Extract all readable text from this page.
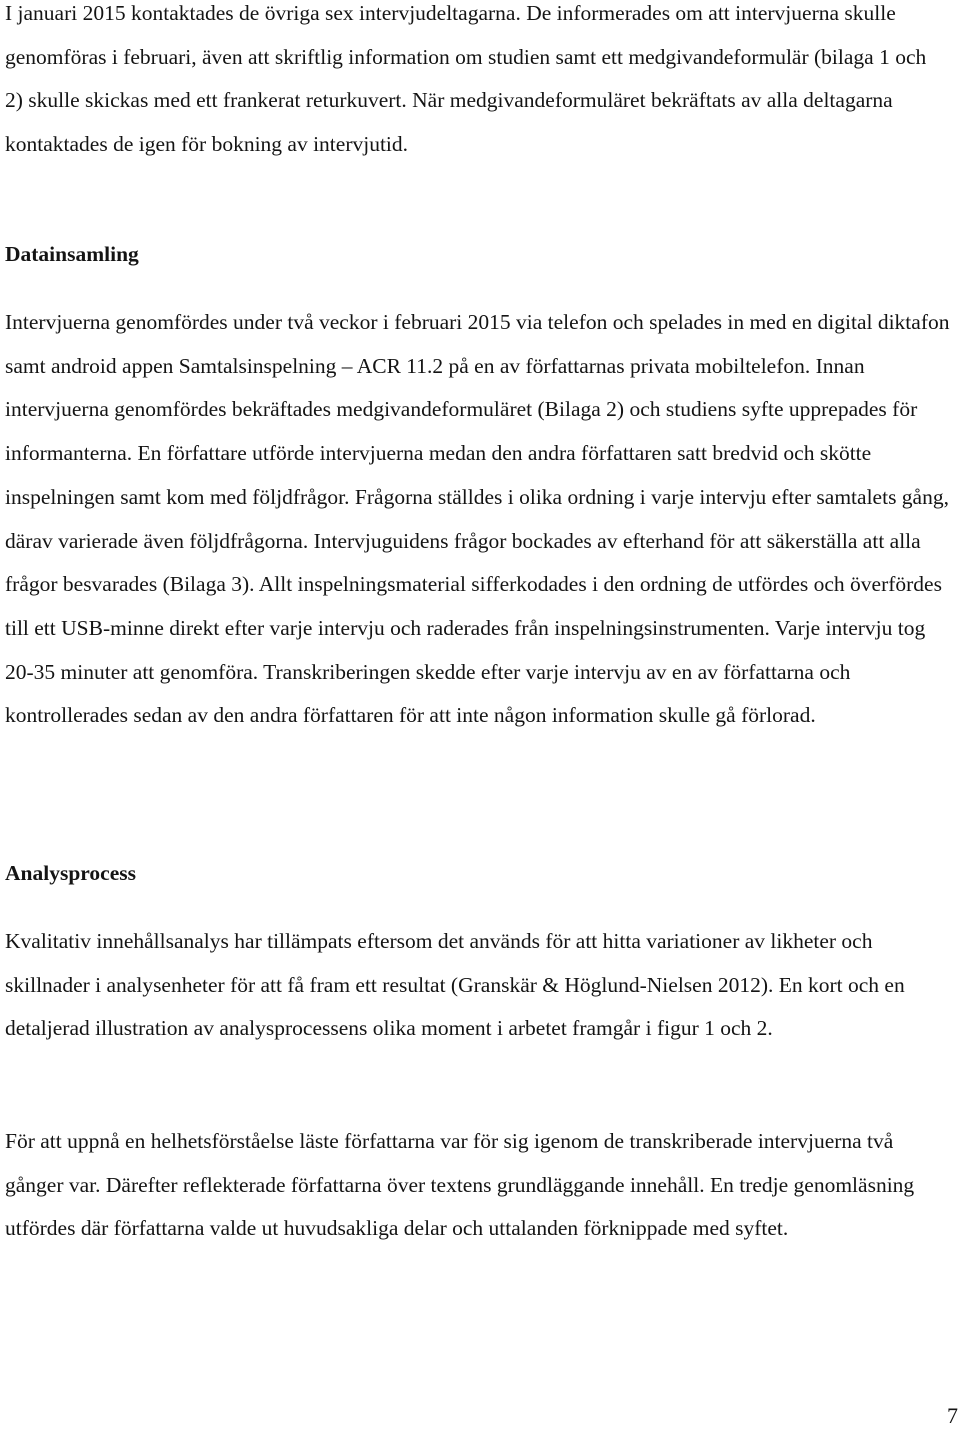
I januari 2015 kontaktades de övriga sex intervjudeltagarna. De informerades om att intervjuerna skulle genomföras i februari, även att skriftlig information om studien samt ett medgivandeformulär (bilaga 1 och 2) skulle skickas med ett frankerat returkuvert. När medgivandeformuläret bekräftats av alla deltagarna kontaktades de igen för bokning av intervjutid.

Datainsamling

Intervjuerna genomfördes under två veckor i februari 2015 via telefon och spelades in med en digital diktafon samt android appen Samtalsinspelning – ACR 11.2 på en av författarnas privata mobiltelefon. Innan intervjuerna genomfördes bekräftades medgivandeformuläret (Bilaga 2) och studiens syfte upprepades för informanterna. En författare utförde intervjuerna medan den andra författaren satt bredvid och skötte inspelningen samt kom med följdfrågor. Frågorna ställdes i olika ordning i varje intervju efter samtalets gång, därav varierade även följdfrågorna. Intervjuguidens frågor bockades av efterhand för att säkerställa att alla frågor besvarades (Bilaga 3). Allt inspelningsmaterial sifferkodades i den ordning de utfördes och överfördes till ett USB-minne direkt efter varje intervju och raderades från inspelningsinstrumenten. Varje intervju tog 20-35 minuter att genomföra. Transkriberingen skedde efter varje intervju av en av författarna och kontrollerades sedan av den andra författaren för att inte någon information skulle gå förlorad.

Analysprocess

Kvalitativ innehållsanalys har tillämpats eftersom det används för att hitta variationer av likheter och skillnader i analysenheter för att få fram ett resultat (Granskär & Höglund-Nielsen 2012). En kort och en detaljerad illustration av analysprocessens olika moment i arbetet framgår i figur 1 och 2.

För att uppnå en helhetsförståelse läste författarna var för sig igenom de transkriberade intervjuerna två gånger var. Därefter reflekterade författarna över textens grundläggande innehåll. En tredje genomläsning utfördes där författarna valde ut huvudsakliga delar och uttalanden förknippade med syftet.

7
